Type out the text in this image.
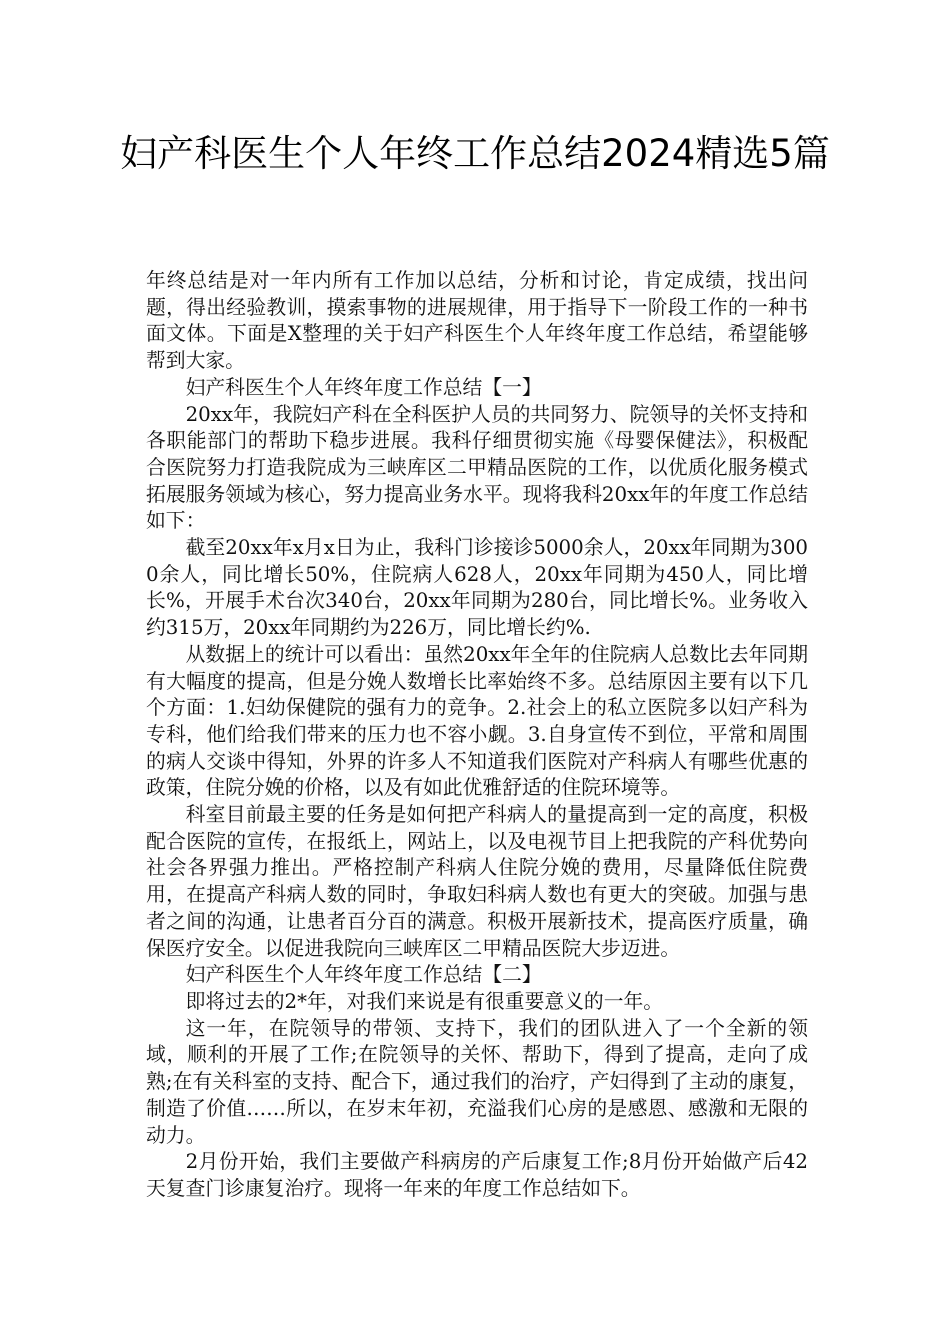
妇产科医生个人年终工作总结2024精选5篇

年终总结是对一年内所有工作加以总结，分析和讨论，肯定成绩，找出问题，得出经验教训，摸索事物的进展规律，用于指导下一阶段工作的一种书面文体。下面是X整理的关于妇产科医生个人年终年度工作总结，希望能够帮到大家。

妇产科医生个人年终年度工作总结【一】

20xx年，我院妇产科在全科医护人员的共同努力、院领导的关怀支持和各职能部门的帮助下稳步进展。我科仔细贯彻实施《母婴保健法》，积极配合医院努力打造我院成为三峡库区二甲精品医院的工作，以优质化服务模式拓展服务领域为核心，努力提高业务水平。现将我科20xx年的年度工作总结如下：

截至20xx年x月x日为止，我科门诊接诊5000余人，20xx年同期为3000余人，同比增长50%，住院病人628人，20xx年同期为450人，同比增长%，开展手术台次340台，20xx年同期为280台，同比增长%。业务收入约315万，20xx年同期约为226万，同比增长约%.

从数据上的统计可以看出：虽然20xx年全年的住院病人总数比去年同期有大幅度的提高，但是分娩人数增长比率始终不多。总结原因主要有以下几个方面：1.妇幼保健院的强有力的竞争。2.社会上的私立医院多以妇产科为专科，他们给我们带来的压力也不容小觑。3.自身宣传不到位，平常和周围的病人交谈中得知，外界的许多人不知道我们医院对产科病人有哪些优惠的政策，住院分娩的价格，以及有如此优雅舒适的住院环境等。

科室目前最主要的任务是如何把产科病人的量提高到一定的高度，积极配合医院的宣传，在报纸上，网站上，以及电视节目上把我院的产科优势向社会各界强力推出。严格控制产科病人住院分娩的费用，尽量降低住院费用，在提高产科病人数的同时，争取妇科病人数也有更大的突破。加强与患者之间的沟通，让患者百分百的满意。积极开展新技术，提高医疗质量，确保医疗安全。以促进我院向三峡库区二甲精品医院大步迈进。

妇产科医生个人年终年度工作总结【二】

即将过去的2*年，对我们来说是有很重要意义的一年。

这一年，在院领导的带领、支持下，我们的团队进入了一个全新的领域，顺利的开展了工作;在院领导的关怀、帮助下，得到了提高，走向了成熟;在有关科室的支持、配合下，通过我们的治疗，产妇得到了主动的康复，制造了价值……所以，在岁末年初，充溢我们心房的是感恩、感激和无限的动力。

2月份开始，我们主要做产科病房的产后康复工作;8月份开始做产后42天复查门诊康复治疗。现将一年来的年度工作总结如下。
